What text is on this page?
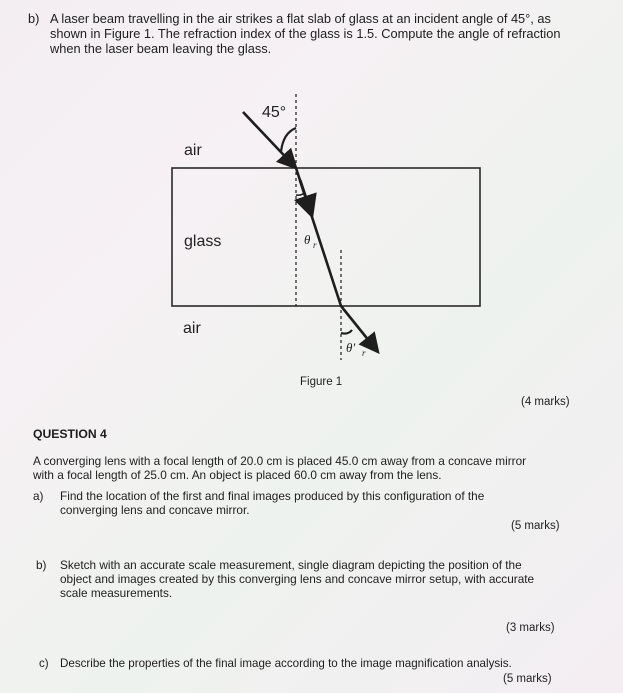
b) A laser beam travelling in the air strikes a flat slab of glass at an incident angle of 45°, as
shown in Figure 1. The refraction index of the glass is 1.5. Compute the angle of refraction
when the laser beam leaving the glass.
45°
air
glass
air
θ r
θ' r
Figure 1
(4 marks)
QUESTION 4
A converging lens with a focal length of 20.0 cm is placed 45.0 cm away from a concave mirror
with a focal length of 25.0 cm. An object is placed 60.0 cm away from the lens.
a) Find the location of the first and final images produced by this configuration of the
converging lens and concave mirror.
(5 marks)
b) Sketch with an accurate scale measurement, single diagram depicting the position of the
object and images created by this converging lens and concave mirror setup, with accurate
scale measurements.
(3 marks)
c) Describe the properties of the final image according to the image magnification analysis.
(5 marks)
